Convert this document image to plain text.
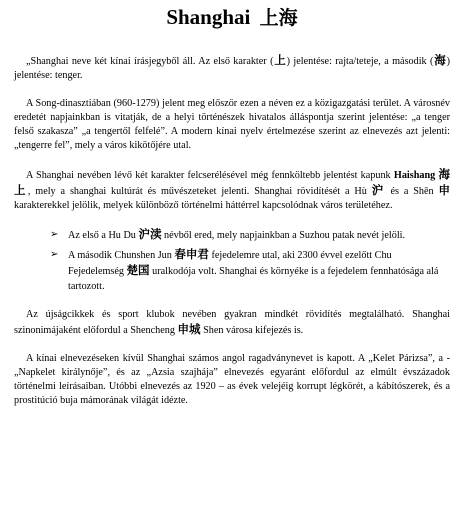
Shanghai 上海

„Shanghai neve két kínai írásjegyből áll. Az első karakter (上) jelentése: rajta/teteje, a második (海) jelentése: tenger.

A Song-dinasztiában (960-1279) jelent meg először ezen a néven ez a közigazgatási terület. A városnév eredetét napjainkban is vitatják, de a helyi történészek hivatalos álláspontja szerint jelentése: „a tenger felső szakasza” „a tengertől felfelé”. A modern kínai nyelv értelmezése szerint az elnevezés azt jelenti: „tengerre fel”, mely a város kikötőjére utal.

A Shanghai nevében lévő két karakter felcserélésével még fennköltebb jelentést kapunk Haishang 海上, mely a shanghai kultúrát és művészeteket jelenti. Shanghai rövidítését a Hù 沪 és a Shēn 申 karakterekkel jelölik, melyek különböző történelmi háttérrel kapcsolódnak város területéhez.

➢ Az első a Hu Du 沪渎 névből ered, mely napjainkban a Suzhou patak nevét jelöli.
➢ A második Chunshen Jun 春申君 fejedelemre utal, aki 2300 évvel ezelőtt Chu Fejedelemség 楚国 uralkodója volt. Shanghai és környéke is a fejedelem fennhatósága alá tartozott.

Az újságcikkek és sport klubok nevében gyakran mindkét rövidítés megtalálható. Shanghai szinonimájaként előfordul a Shencheng 申城 Shen városa kifejezés is.

A kínai elnevezéseken kívül Shanghai számos angol ragadványnevet is kapott. A „Kelet Párizsa”, a - „Napkelet királynője”, és az „Azsia szajhája” elnevezés egyaránt előfordul az elmúlt évszázadok történelmi leírásaiban. Utóbbi elnevezés az 1920 – as évek velejéig korrupt légkörét, a kábítószerek, és a prostitúció buja mámorának világát idézte.
